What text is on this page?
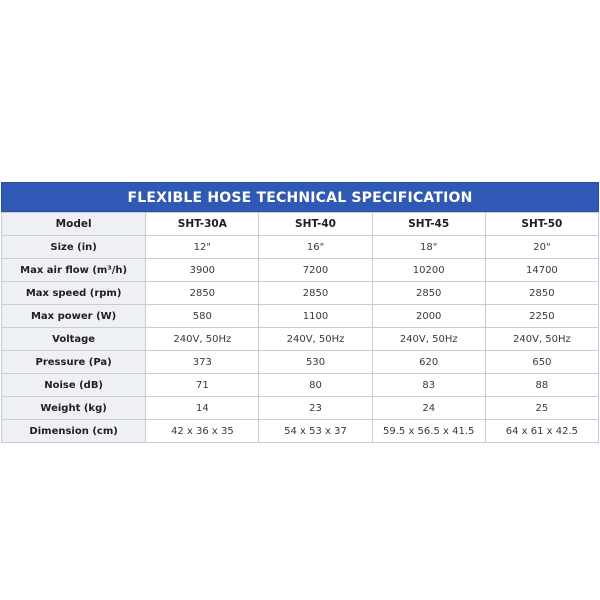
FLEXIBLE HOSE TECHNICAL SPECIFICATION
Model	SHT-30A	SHT-40	SHT-45	SHT-50
Size (in)	12"	16"	18"	20"
Max air flow (m³/h)	3900	7200	10200	14700
Max speed (rpm)	2850	2850	2850	2850
Max power (W)	580	1100	2000	2250
Voltage	240V, 50Hz	240V, 50Hz	240V, 50Hz	240V, 50Hz
Pressure (Pa)	373	530	620	650
Noise (dB)	71	80	83	88
Weight (kg)	14	23	24	25
Dimension (cm)	42 x 36 x 35	54 x 53 x 37	59.5 x 56.5 x 41.5	64 x 61 x 42.5
